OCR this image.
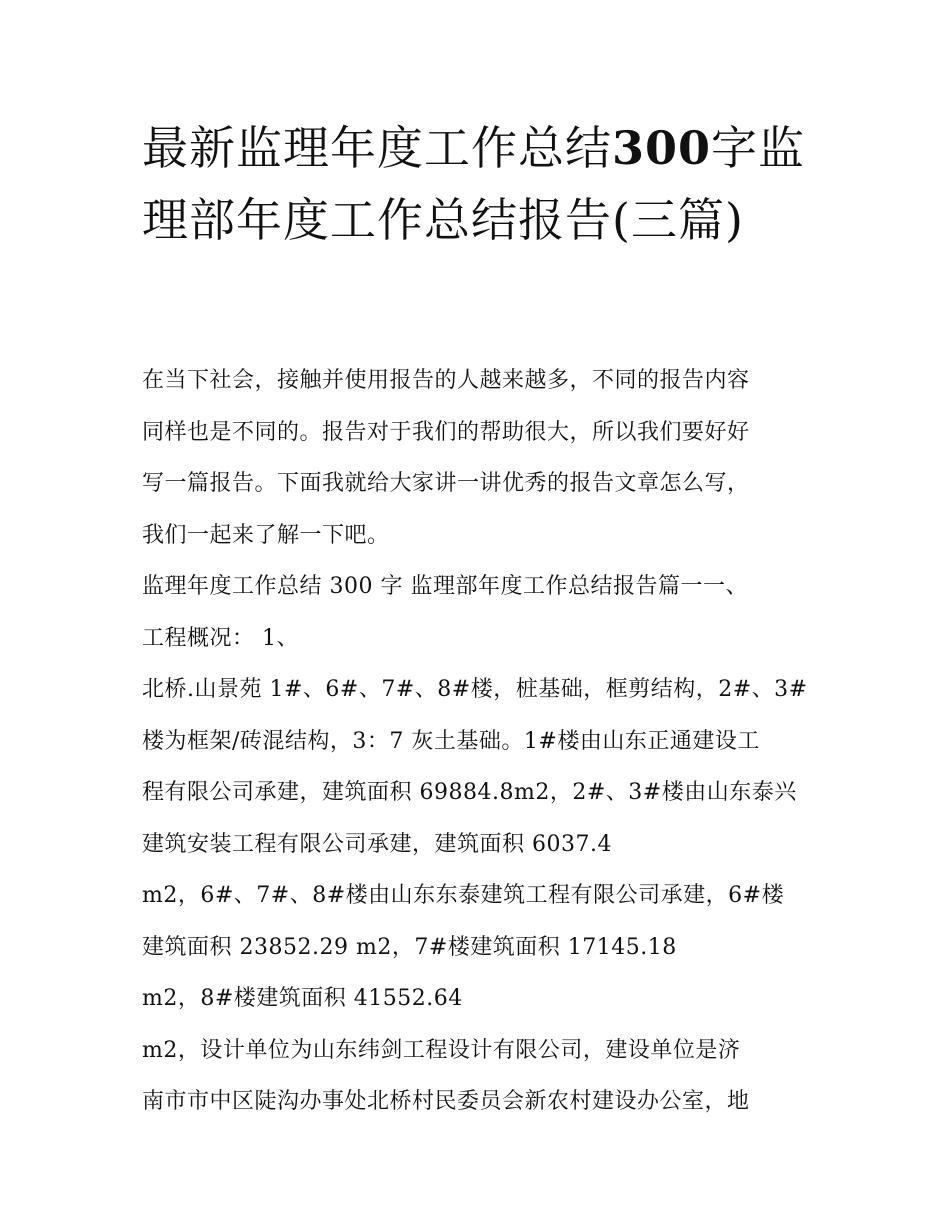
最新监理年度工作总结300字监理部年度工作总结报告(三篇)

在当下社会，接触并使用报告的人越来越多，不同的报告内容

同样也是不同的。报告对于我们的帮助很大，所以我们要好好

写一篇报告。下面我就给大家讲一讲优秀的报告文章怎么写，

我们一起来了解一下吧。

监理年度工作总结 300 字 监理部年度工作总结报告篇一一、

工程概况： 1、

北桥.山景苑 1#、6#、7#、8#楼，桩基础，框剪结构，2#、3#

楼为框架/砖混结构，3：7 灰土基础。1#楼由山东正通建设工

程有限公司承建，建筑面积 69884.8m2，2#、3#楼由山东泰兴

建筑安装工程有限公司承建，建筑面积 6037.4

m2，6#、7#、8#楼由山东东泰建筑工程有限公司承建，6#楼

建筑面积 23852.29 m2，7#楼建筑面积 17145.18

m2，8#楼建筑面积 41552.64

m2，设计单位为山东纬剑工程设计有限公司，建设单位是济

南市市中区陡沟办事处北桥村民委员会新农村建设办公室，地
